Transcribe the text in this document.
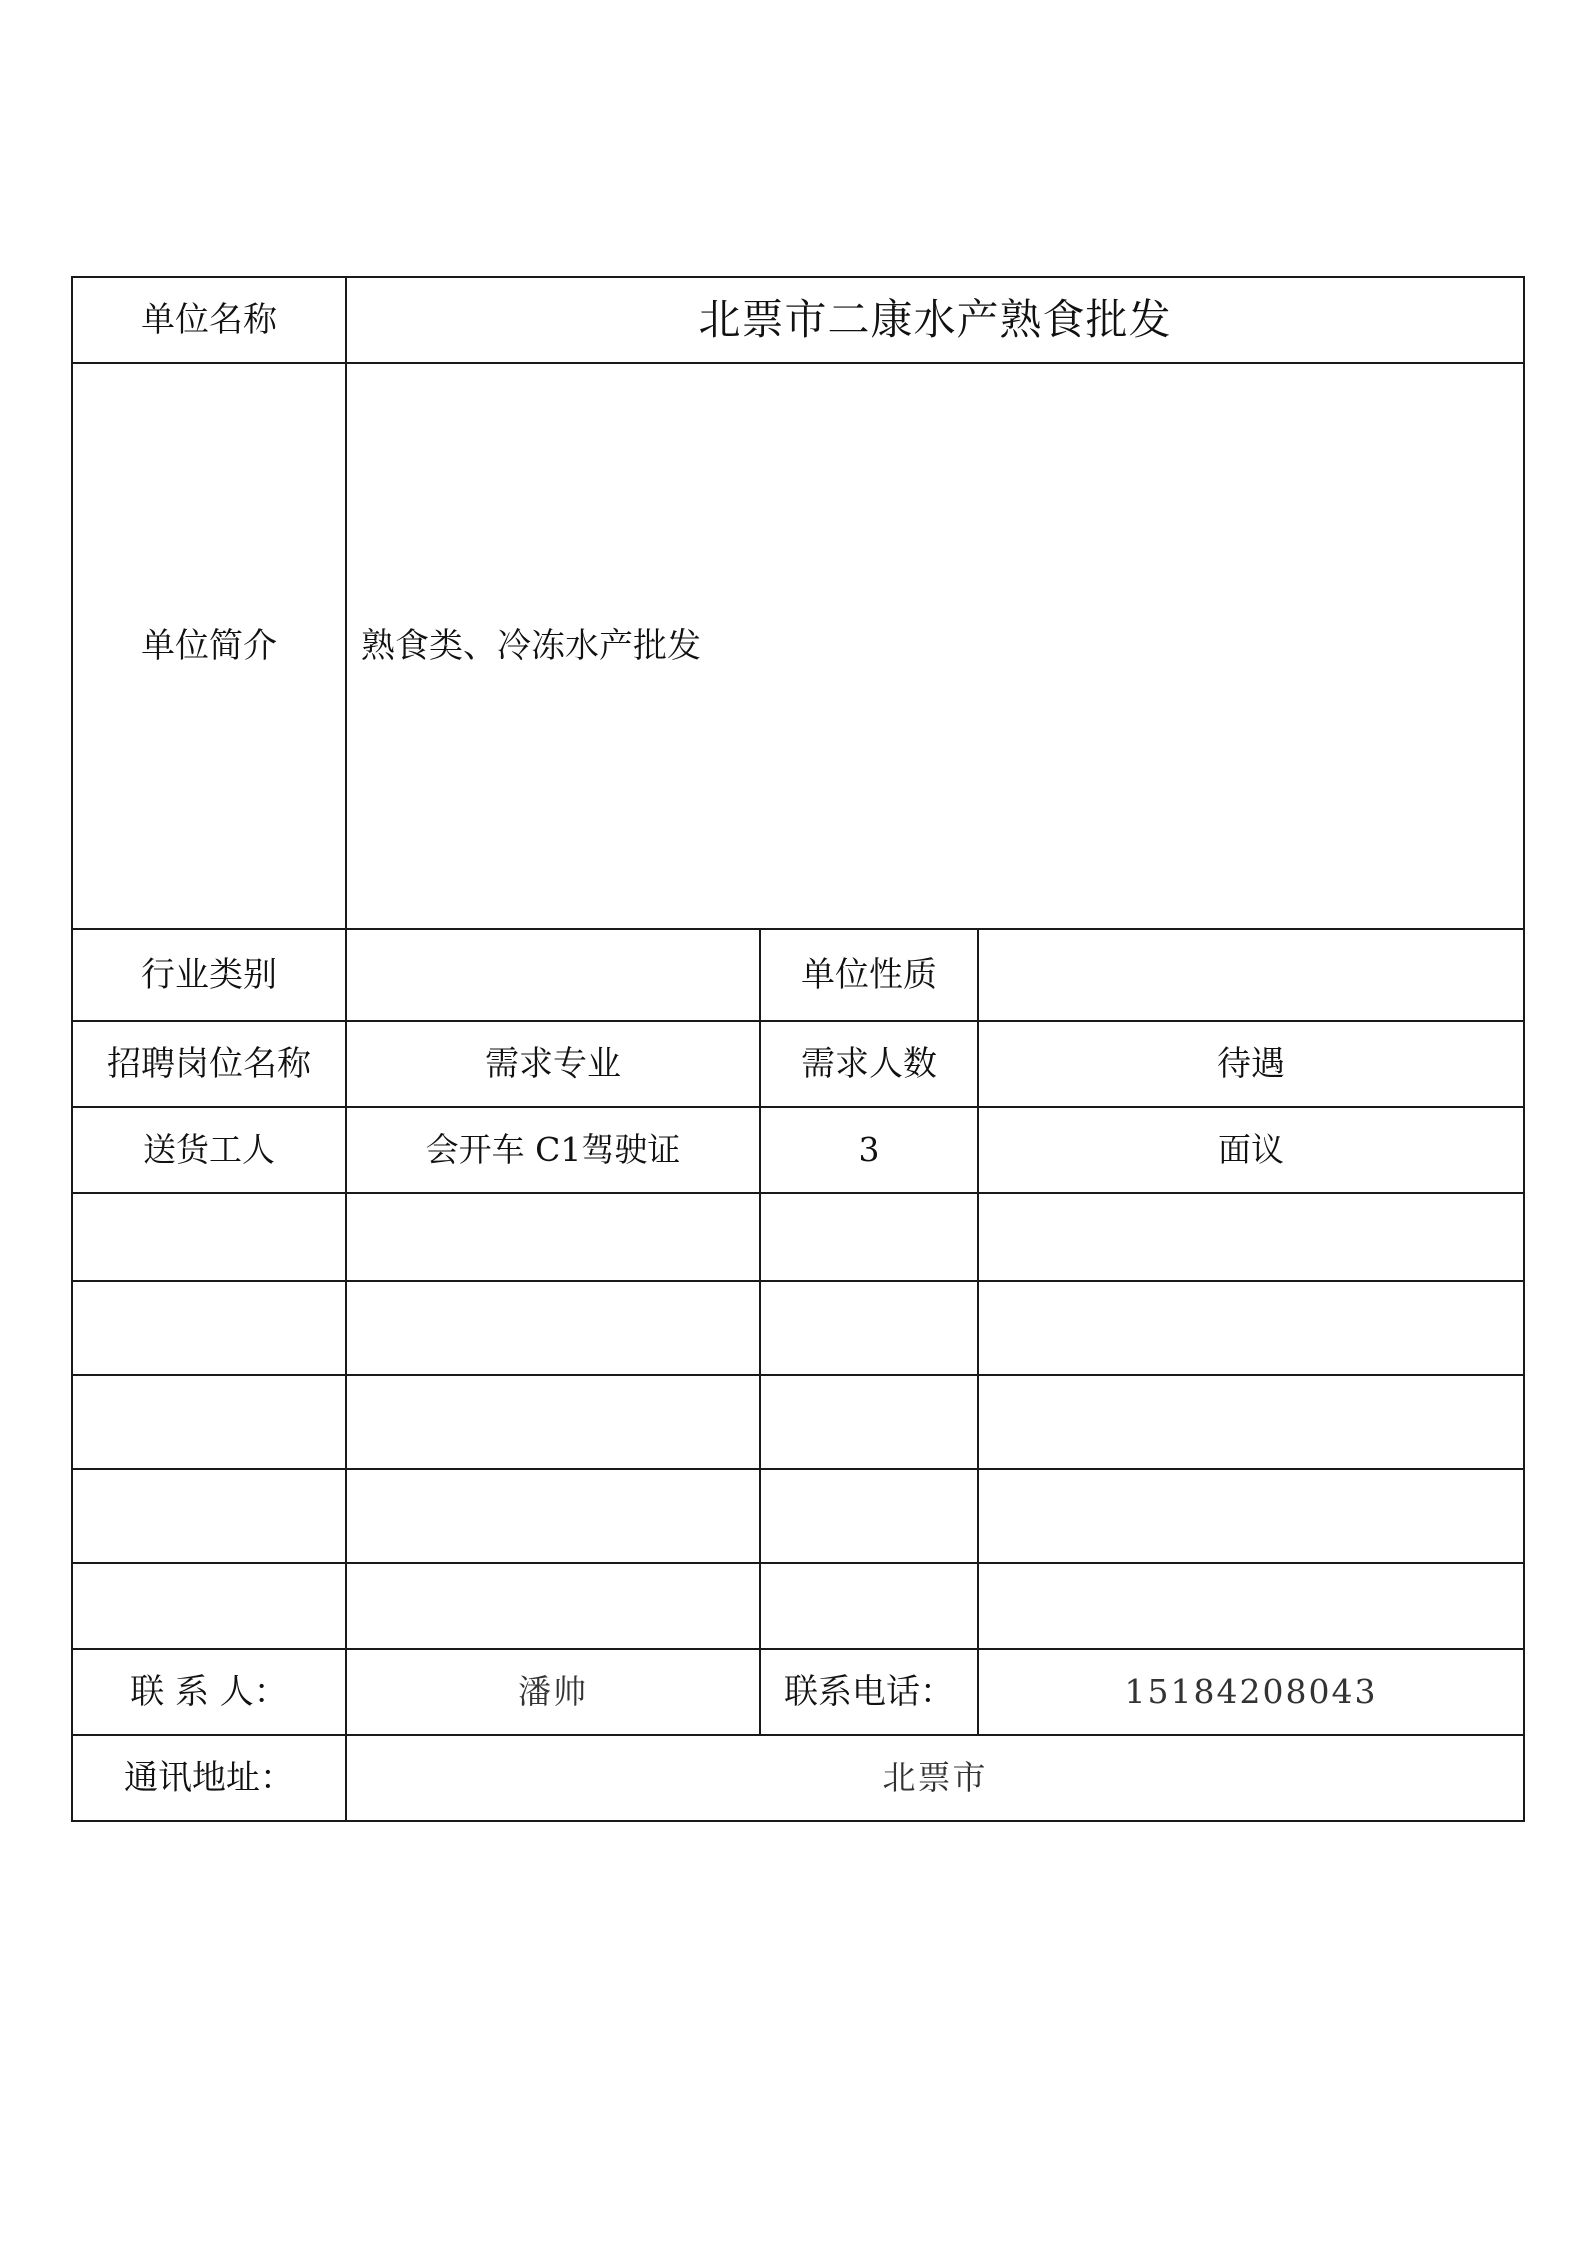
单位名称	北票市二康水产熟食批发		
单位简介	熟食类、冷冻水产批发		
行业类别		单位性质	
招聘岗位名称	需求专业	需求人数	待遇
送货工人	会开车 C1驾驶证	3	面议

联 系 人：	潘帅	联系电话：	15184208043
通讯地址：	北票市		
